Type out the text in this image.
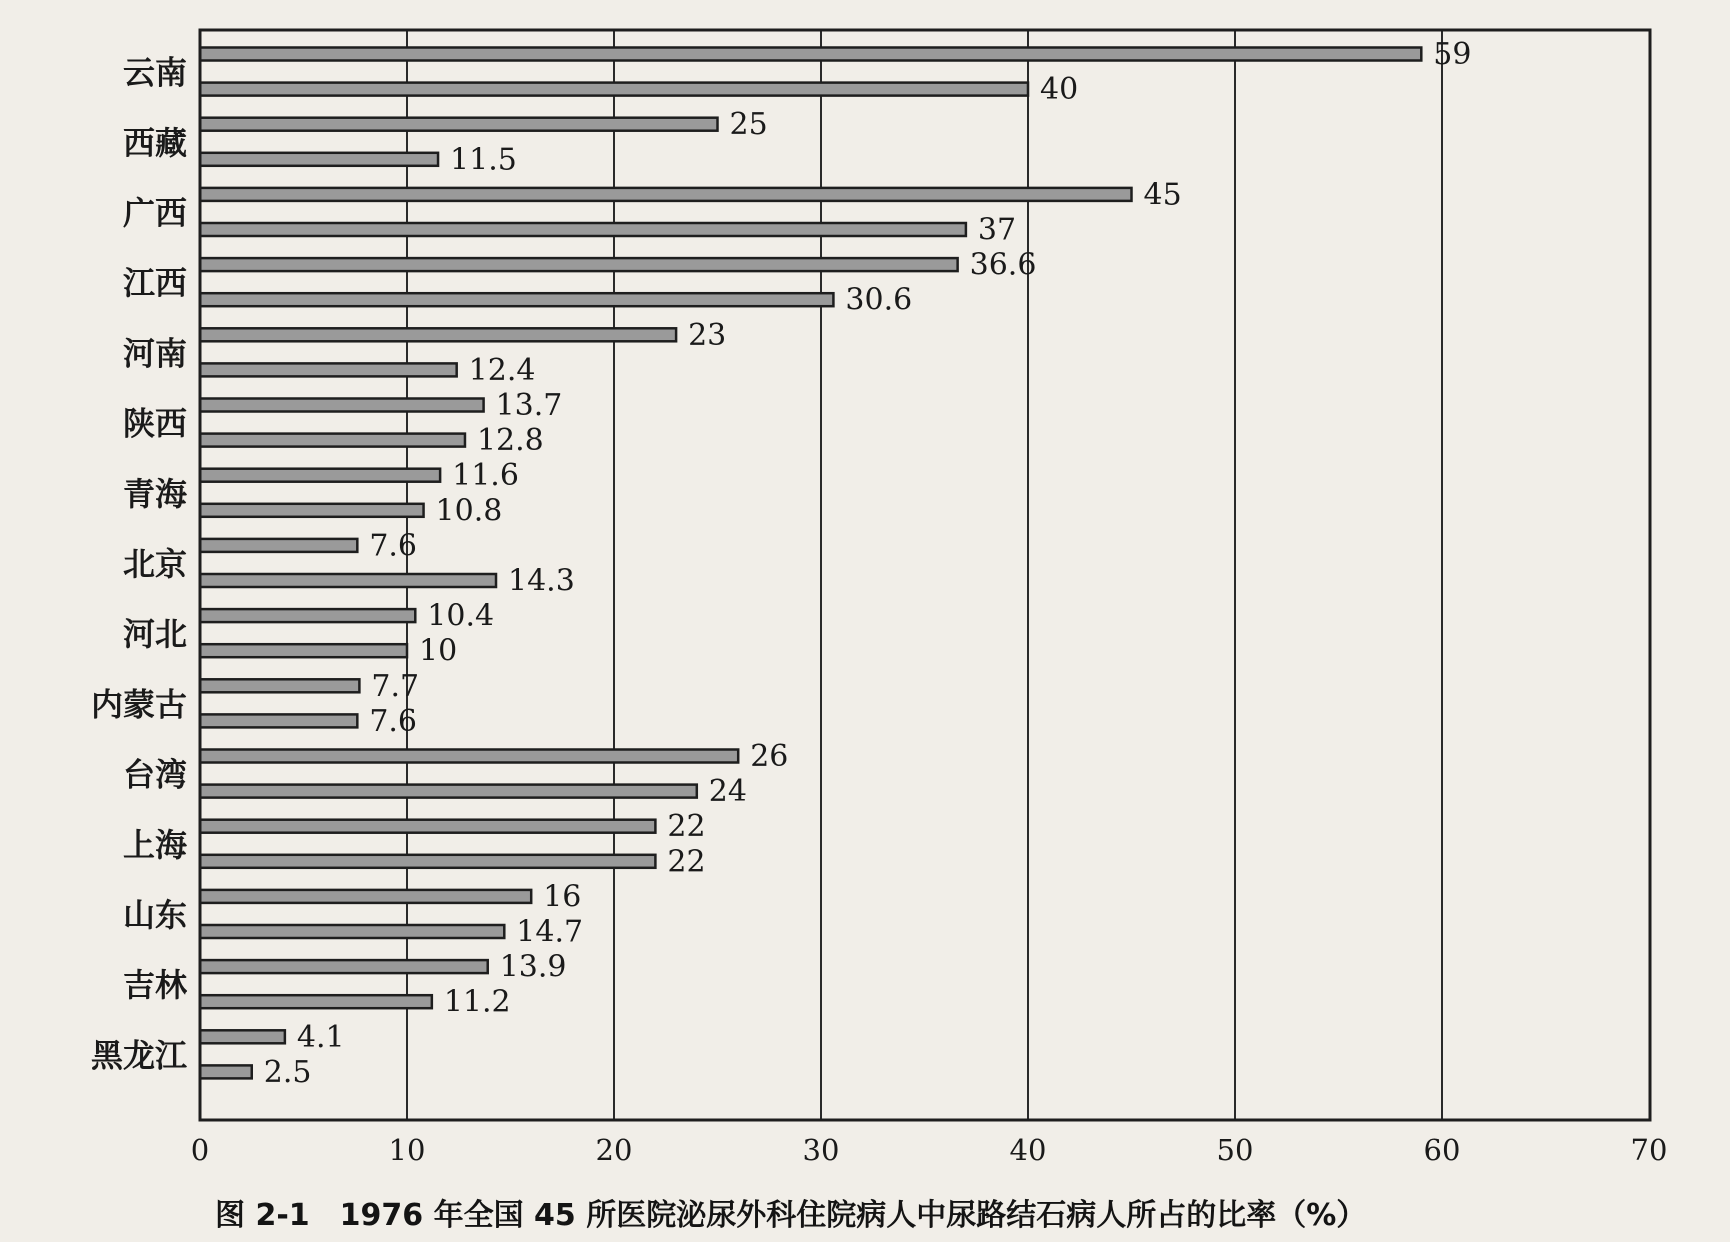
59
40
25
11.5
45
37
36.6
30.6
23
12.4
13.7
12.8
11.6
10.8
7.6
14.3
10.4
10
7.7
7.6
26
24
22
22
16
14.7
13.9
11.2
4.1
2.5
云南
西藏
广西
江西
河南
陕西
青海
北京
河北
内蒙古
台湾
上海
山东
吉林
黑龙江
0	10	20	30	40	50	60	70
图 2-1 1976 年全国 45 所医院泌尿外科住院病人中尿路结石病人所占的比率（%）
